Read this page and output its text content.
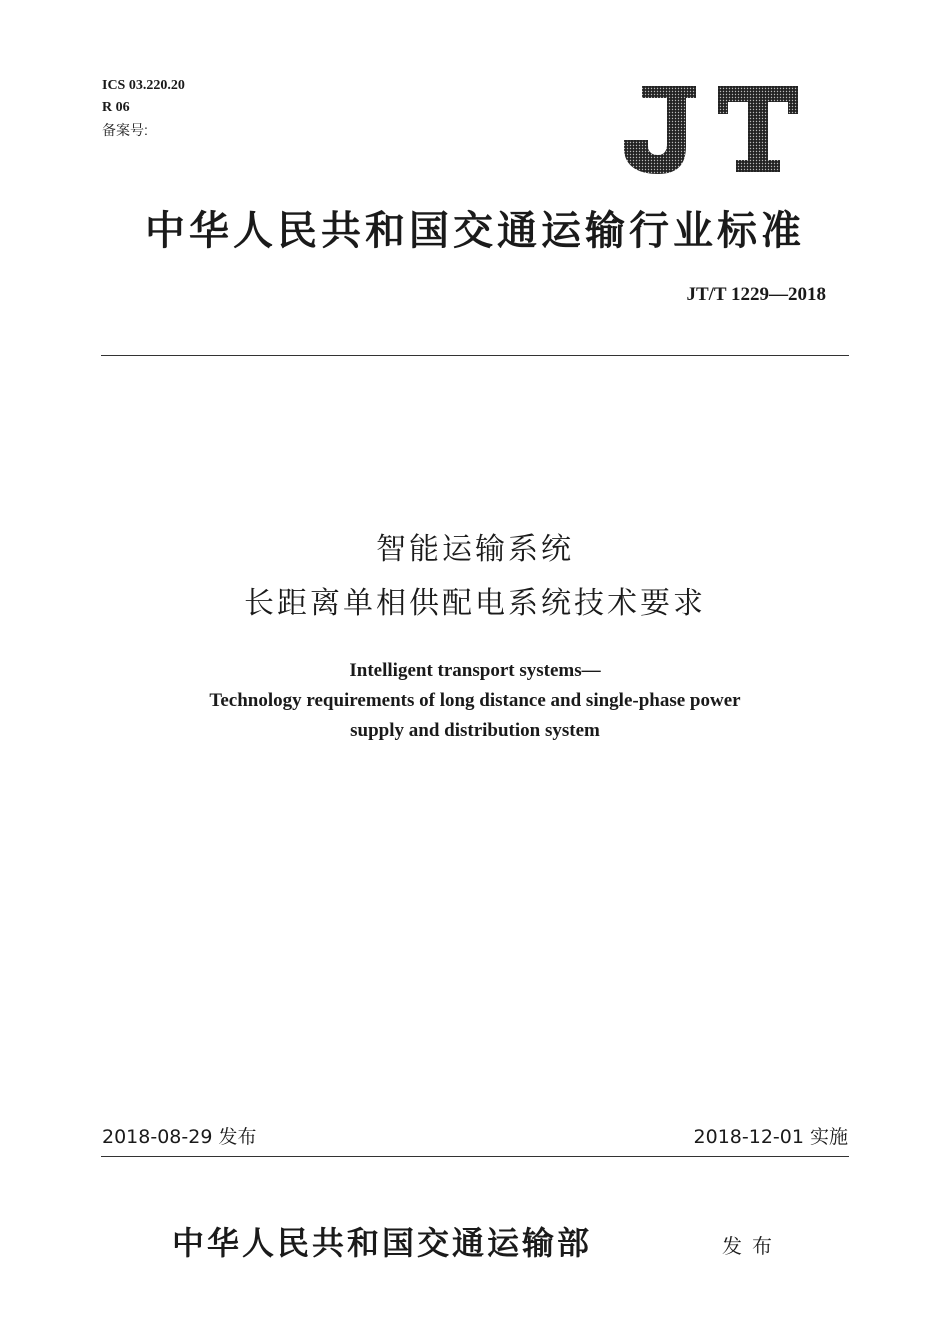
ICS 03.220.20
R 06
备案号:
中华人民共和国交通运输行业标准
JT/T 1229—2018
智能运输系统
长距离单相供配电系统技术要求
Intelligent transport systems—
Technology requirements of long distance and single-phase power
supply and distribution system
2018-08-29 发布	2018-12-01 实施
中华人民共和国交通运输部	发布
